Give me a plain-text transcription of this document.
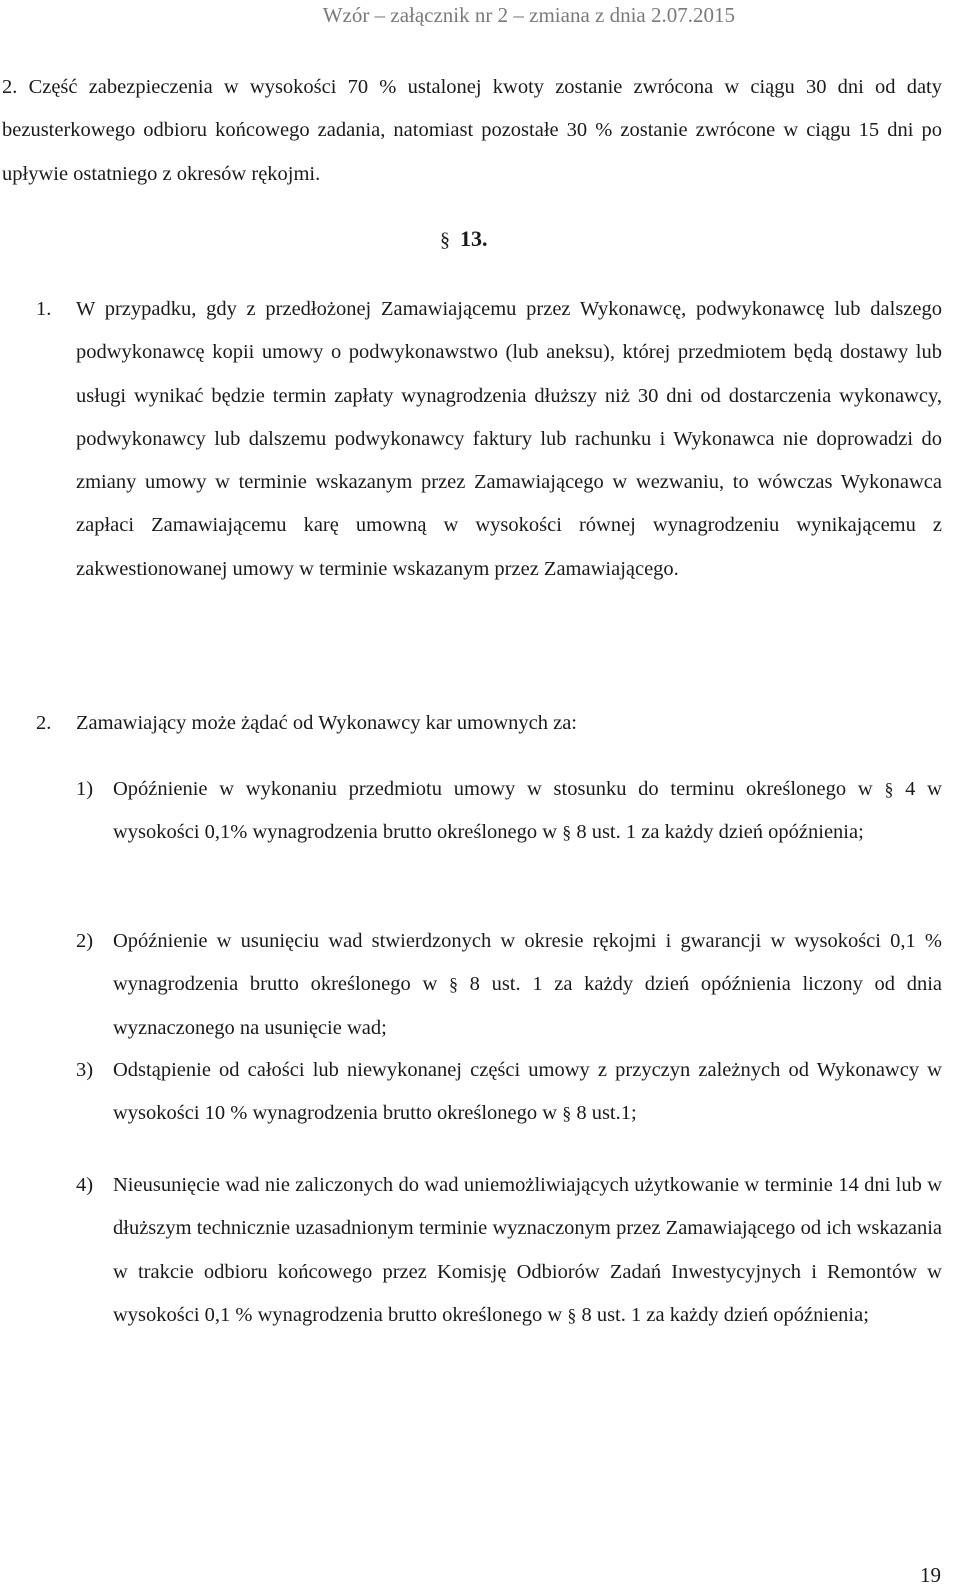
Wzór – załącznik nr 2 – zmiana z dnia 2.07.2015

2. Część zabezpieczenia w wysokości 70 % ustalonej kwoty zostanie zwrócona w ciągu 30 dni od daty bezusterkowego odbioru końcowego zadania, natomiast pozostałe 30 % zostanie zwrócone w ciągu 15 dni po upływie ostatniego z okresów rękojmi.

§ 13.
1. W przypadku, gdy z przedłożonej Zamawiającemu przez Wykonawcę, podwykonawcę lub dalszego podwykonawcę kopii umowy o podwykonawstwo (lub aneksu), której przedmiotem będą dostawy lub usługi wynikać będzie termin zapłaty wynagrodzenia dłuższy niż 30 dni od dostarczenia wykonawcy, podwykonawcy lub dalszemu podwykonawcy faktury lub rachunku i Wykonawca nie doprowadzi do zmiany umowy w terminie wskazanym przez Zamawiającego w wezwaniu, to wówczas Wykonawca zapłaci Zamawiającemu karę umowną w wysokości równej wynagrodzeniu wynikającemu z zakwestionowanej umowy w terminie wskazanym przez Zamawiającego.

2. Zamawiający może żądać od Wykonawcy kar umownych za:

1) Opóźnienie w wykonaniu przedmiotu umowy w stosunku do terminu określonego w § 4 w wysokości 0,1% wynagrodzenia brutto określonego w § 8 ust. 1 za każdy dzień opóźnienia;

2) Opóźnienie w usunięciu wad stwierdzonych w okresie rękojmi i gwarancji w wysokości 0,1 % wynagrodzenia brutto określonego w § 8 ust. 1 za każdy dzień opóźnienia liczony od dnia wyznaczonego na usunięcie wad;

3) Odstąpienie od całości lub niewykonanej części umowy z przyczyn zależnych od Wykonawcy w wysokości 10 % wynagrodzenia brutto określonego w § 8 ust.1;

4) Nieusunięcie wad nie zaliczonych do wad uniemożliwiających użytkowanie w terminie 14 dni lub w dłuższym technicznie uzasadnionym terminie wyznaczonym przez Zamawiającego od ich wskazania w trakcie odbioru końcowego przez Komisję Odbiorów Zadań Inwestycyjnych i Remontów w wysokości 0,1 % wynagrodzenia brutto określonego w § 8 ust. 1 za każdy dzień opóźnienia;

19
